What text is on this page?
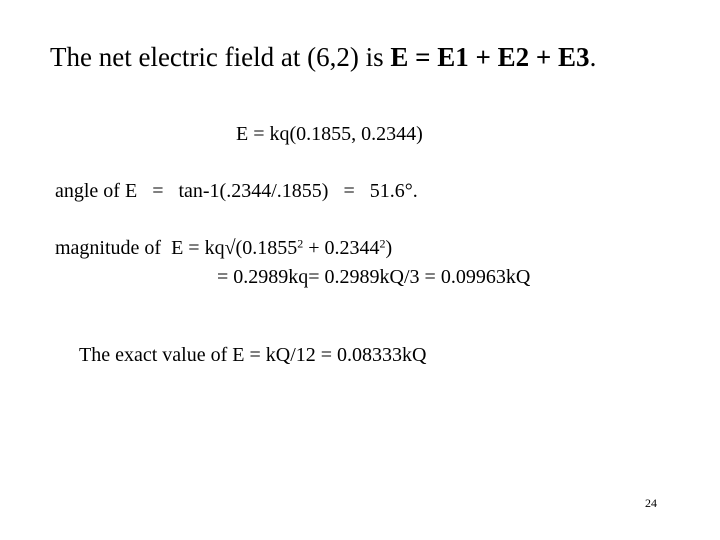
The net electric field at (6,2) is E = E1 + E2 + E3.
E = kq(0.1855, 0.2344)
angle of E   =   tan-1(.2344/.1855)   =   51.6°.
magnitude of  $E = kq√(0.1855^2 + 0.2344^2)$
= 0.2989kq= 0.2989kQ/3 = 0.09963kQ
The exact value of E = kQ/12 = 0.08333kQ
24
